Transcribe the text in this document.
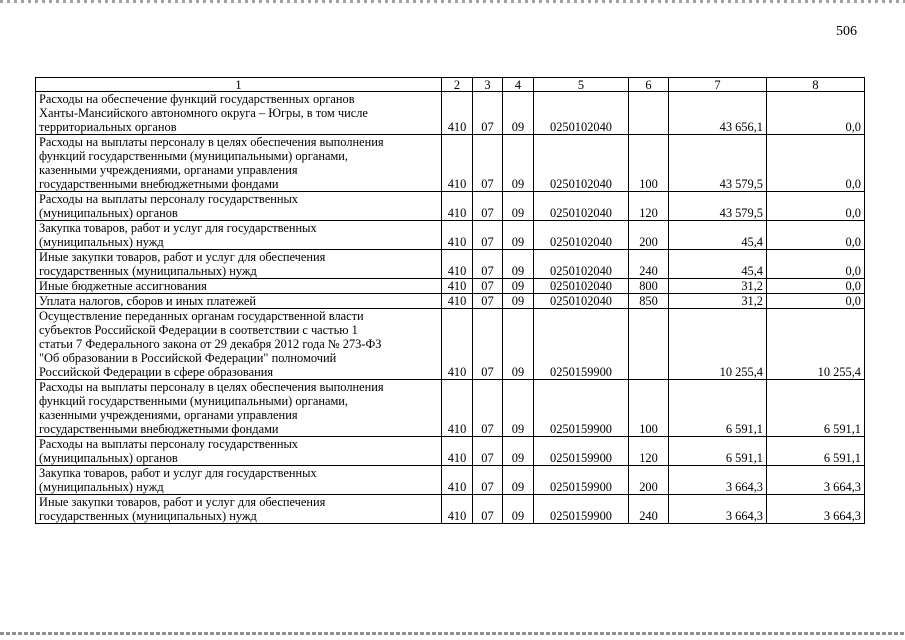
506
1	2	3	4	5	6	7	8

Расходы на обеспечение функций государственных органов
Ханты-Мансийского автономного округа – Югры, в том числе
территориальных органов	410	07	09	0250102040		43 656,1	0,0

Расходы на выплаты персоналу в целях обеспечения выполнения
функций государственными (муниципальными) органами,
казенными учреждениями, органами управления
государственными внебюджетными фондами	410	07	09	0250102040	100	43 579,5	0,0

Расходы на выплаты персоналу государственных
(муниципальных) органов	410	07	09	0250102040	120	43 579,5	0,0

Закупка товаров, работ и услуг для государственных
(муниципальных) нужд	410	07	09	0250102040	200	45,4	0,0

Иные закупки товаров, работ и услуг для обеспечения
государственных (муниципальных) нужд	410	07	09	0250102040	240	45,4	0,0

Иные бюджетные ассигнования	410	07	09	0250102040	800	31,2	0,0

Уплата налогов, сборов и иных платежей	410	07	09	0250102040	850	31,2	0,0

Осуществление переданных органам государственной власти
субъектов Российской Федерации в соответствии с частью 1
статьи 7 Федерального закона от 29 декабря 2012 года № 273-ФЗ
"Об образовании в Российской Федерации" полномочий
Российской Федерации в сфере образования	410	07	09	0250159900		10 255,4	10 255,4

Расходы на выплаты персоналу в целях обеспечения выполнения
функций государственными (муниципальными) органами,
казенными учреждениями, органами управления
государственными внебюджетными фондами	410	07	09	0250159900	100	6 591,1	6 591,1

Расходы на выплаты персоналу государственных
(муниципальных) органов	410	07	09	0250159900	120	6 591,1	6 591,1

Закупка товаров, работ и услуг для государственных
(муниципальных) нужд	410	07	09	0250159900	200	3 664,3	3 664,3

Иные закупки товаров, работ и услуг для обеспечения
государственных (муниципальных) нужд	410	07	09	0250159900	240	3 664,3	3 664,3
